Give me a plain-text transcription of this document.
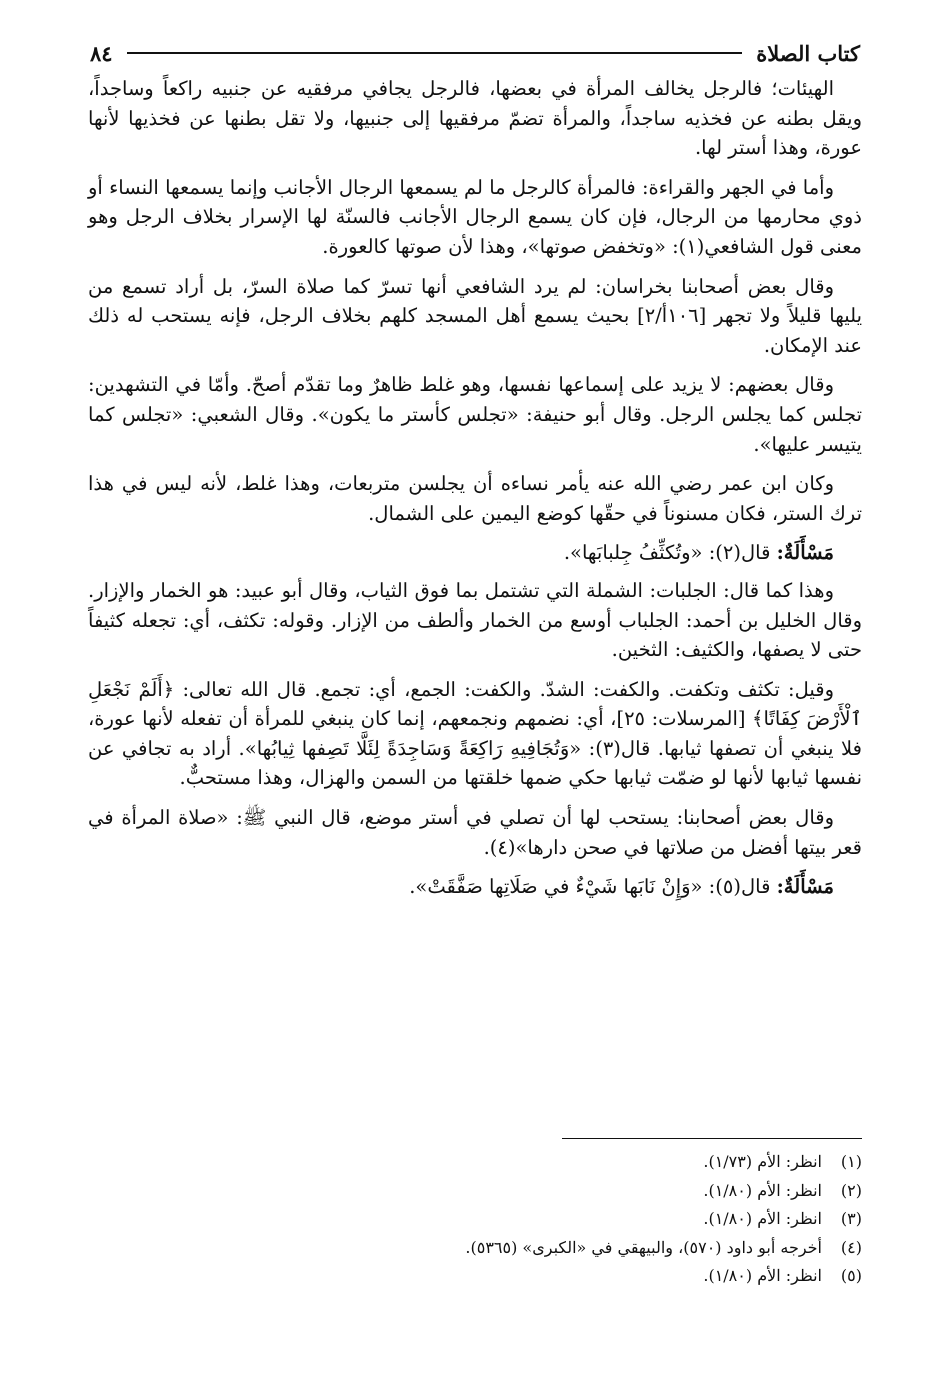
كتاب الصلاة
٨٤

الهيئات؛ فالرجل يخالف المرأة في بعضها، فالرجل يجافي مرفقيه عن جنبيه راكعاً وساجداً، ويقل بطنه عن فخذيه ساجداً، والمرأة تضمّ مرفقيها إلى جنبيها، ولا تقل بطنها عن فخذيها لأنها عورة، وهذا أستر لها.

وأما في الجهر والقراءة: فالمرأة كالرجل ما لم يسمعها الرجال الأجانب وإنما يسمعها النساء أو ذوي محارمها من الرجال، فإن كان يسمع الرجال الأجانب فالسنّة لها الإسرار بخلاف الرجل وهو معنى قول الشافعي(١): «وتخفض صوتها»، وهذا لأن صوتها كالعورة.

وقال بعض أصحابنا بخراسان: لم يرد الشافعي أنها تسرّ كما صلاة السرّ، بل أراد تسمع من يليها قليلاً ولا تجهر [١٠٦أ/٢] بحيث يسمع أهل المسجد كلهم بخلاف الرجل، فإنه يستحب له ذلك عند الإمكان.

وقال بعضهم: لا يزيد على إسماعها نفسها، وهو غلط ظاهرٌ وما تقدّم أصحّ. وأمّا في التشهدين: تجلس كما يجلس الرجل. وقال أبو حنيفة: «تجلس كأستر ما يكون». وقال الشعبي: «تجلس كما يتيسر عليها».

وكان ابن عمر رضي الله عنه يأمر نساءه أن يجلسن متربعات، وهذا غلط، لأنه ليس في هذا ترك الستر، فكان مسنوناً في حقّها كوضع اليمين على الشمال.

مَسْأَلَةٌ: قال(٢): «وتُكثِّفُ جِلبابَها».

وهذا كما قال: الجلبات: الشملة التي تشتمل بما فوق الثياب، وقال أبو عبيد: هو الخمار والإزار. وقال الخليل بن أحمد: الجلباب أوسع من الخمار وألطف من الإزار. وقوله: تكثف، أي: تجعله كثيفاً حتى لا يصفها، والكثيف: الثخين.

وقيل: تكثف وتكفت. والكفت: الشدّ. والكفت: الجمع، أي: تجمع. قال الله تعالى: ﴿أَلَمْ نَجْعَلِ ٱلْأَرْضَ كِفَاتًا﴾ [المرسلات: ٢٥]، أي: نضمهم ونجمعهم، إنما كان ينبغي للمرأة أن تفعله لأنها عورة، فلا ينبغي أن تصفها ثيابها. قال(٣): «وَتُجَافِيهِ رَاكِعَةً وَسَاجِدَةً لِئَلَّا تَصِفها ثِيابُها». أراد به تجافي عن نفسها ثيابها لأنها لو ضمّت ثيابها حكي ضمها خلقتها من السمن والهزال، وهذا مستحبٌّ.

وقال بعض أصحابنا: يستحب لها أن تصلي في أستر موضع، قال النبي ﷺ: «صلاة المرأة في قعر بيتها أفضل من صلاتها في صحن دارها»(٤).

مَسْأَلَةٌ: قال(٥): «وَإِنْ نَابَها شَيْءٌ في صَلَاتِها صَفَّقَتْ».

(١)انظر: الأم (١/٧٣).
(٢)انظر: الأم (١/٨٠).
(٣)انظر: الأم (١/٨٠).
(٤)أخرجه أبو داود (٥٧٠)، والبيهقي في «الكبرى» (٥٣٦٥).
(٥)انظر: الأم (١/٨٠).
